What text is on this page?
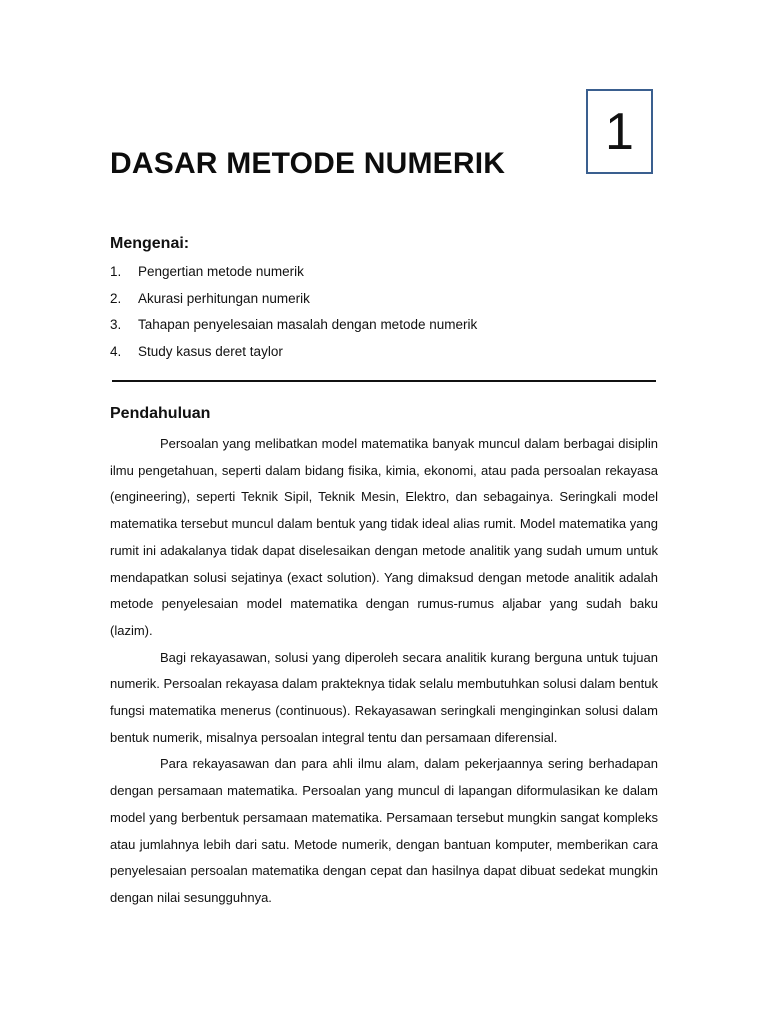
1
DASAR METODE NUMERIK
Mengenai:
1. Pengertian metode numerik
2. Akurasi perhitungan numerik
3. Tahapan penyelesaian masalah dengan metode numerik
4. Study kasus deret taylor
Pendahuluan

Persoalan yang melibatkan model matematika banyak muncul dalam berbagai disiplin ilmu pengetahuan, seperti dalam bidang fisika, kimia, ekonomi, atau pada persoalan rekayasa (engineering), seperti Teknik Sipil, Teknik Mesin, Elektro, dan sebagainya. Seringkali model matematika tersebut muncul dalam bentuk yang tidak ideal alias rumit. Model matematika yang rumit ini adakalanya tidak dapat diselesaikan dengan metode analitik yang sudah umum untuk mendapatkan solusi sejatinya (exact solution). Yang dimaksud dengan metode analitik adalah metode penyelesaian model matematika dengan rumus-rumus aljabar yang sudah baku (lazim).

Bagi rekayasawan, solusi yang diperoleh secara analitik kurang berguna untuk tujuan numerik. Persoalan rekayasa dalam prakteknya tidak selalu membutuhkan solusi dalam bentuk fungsi matematika menerus (continuous). Rekayasawan seringkali menginginkan solusi dalam bentuk numerik, misalnya persoalan integral tentu dan persamaan diferensial.

Para rekayasawan dan para ahli ilmu alam, dalam pekerjaannya sering berhadapan dengan persamaan matematika. Persoalan yang muncul di lapangan diformulasikan ke dalam model yang berbentuk persamaan matematika. Persamaan tersebut mungkin sangat kompleks atau jumlahnya lebih dari satu. Metode numerik, dengan bantuan komputer, memberikan cara penyelesaian persoalan matematika dengan cepat dan hasilnya dapat dibuat sedekat mungkin dengan nilai sesungguhnya.
